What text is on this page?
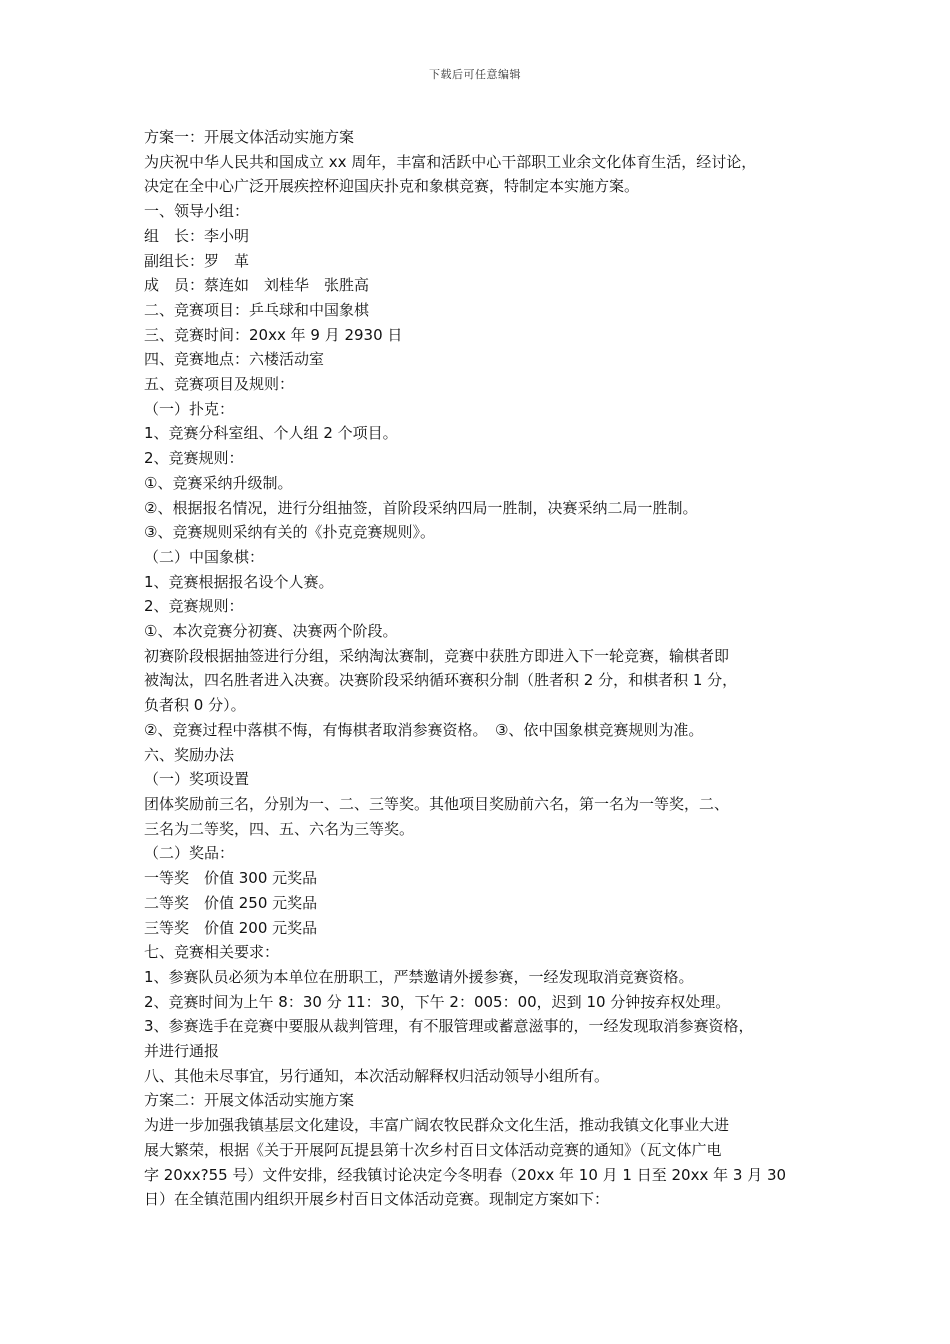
下载后可任意编辑

方案一：开展文体活动实施方案

为庆祝中华人民共和国成立 xx 周年，丰富和活跃中心干部职工业余文化体育生活，经讨论，

决定在全中心广泛开展疾控杯迎国庆扑克和象棋竞赛，特制定本实施方案。

一、领导小组：

组　长：李小明

副组长：罗　革

成　员：蔡连如　刘桂华　张胜高

二、竞赛项目：乒乓球和中国象棋

三、竞赛时间：20xx 年 9 月 2930 日

四、竞赛地点：六楼活动室

五、竞赛项目及规则：

（一）扑克：

1、竞赛分科室组、个人组 2 个项目。

2、竞赛规则：

①、竞赛采纳升级制。

②、根据报名情况，进行分组抽签，首阶段采纳四局一胜制，决赛采纳二局一胜制。

③、竞赛规则采纳有关的《扑克竞赛规则》。

（二）中国象棋：

1、竞赛根据报名设个人赛。

2、竞赛规则：

①、本次竞赛分初赛、决赛两个阶段。

初赛阶段根据抽签进行分组，采纳淘汰赛制，竞赛中获胜方即进入下一轮竞赛，输棋者即

被淘汰，四名胜者进入决赛。决赛阶段采纳循环赛积分制（胜者积 2 分，和棋者积 1 分，

负者积 0 分）。

②、竞赛过程中落棋不悔，有悔棋者取消参赛资格。　③、依中国象棋竞赛规则为准。

六、奖励办法

（一）奖项设置

团体奖励前三名，分别为一、二、三等奖。其他项目奖励前六名，第一名为一等奖，二、

三名为二等奖，四、五、六名为三等奖。

（二）奖品：

一等奖　价值 300 元奖品

二等奖　价值 250 元奖品

三等奖　价值 200 元奖品

七、竞赛相关要求：

1、参赛队员必须为本单位在册职工，严禁邀请外援参赛，一经发现取消竞赛资格。

2、竞赛时间为上午 8：30 分 11：30，下午 2：005：00，迟到 10 分钟按弃权处理。

3、参赛选手在竞赛中要服从裁判管理，有不服管理或蓄意滋事的，一经发现取消参赛资格，

并进行通报

八、其他未尽事宜，另行通知，本次活动解释权归活动领导小组所有。

方案二：开展文体活动实施方案

为进一步加强我镇基层文化建设，丰富广阔农牧民群众文化生活，推动我镇文化事业大进

展大繁荣，根据《关于开展阿瓦提县第十次乡村百日文体活动竞赛的通知》（瓦文体广电

字 20xx?55 号）文件安排，经我镇讨论决定今冬明春（20xx 年 10 月 1 日至 20xx 年 3 月 30

日）在全镇范围内组织开展乡村百日文体活动竞赛。现制定方案如下：
